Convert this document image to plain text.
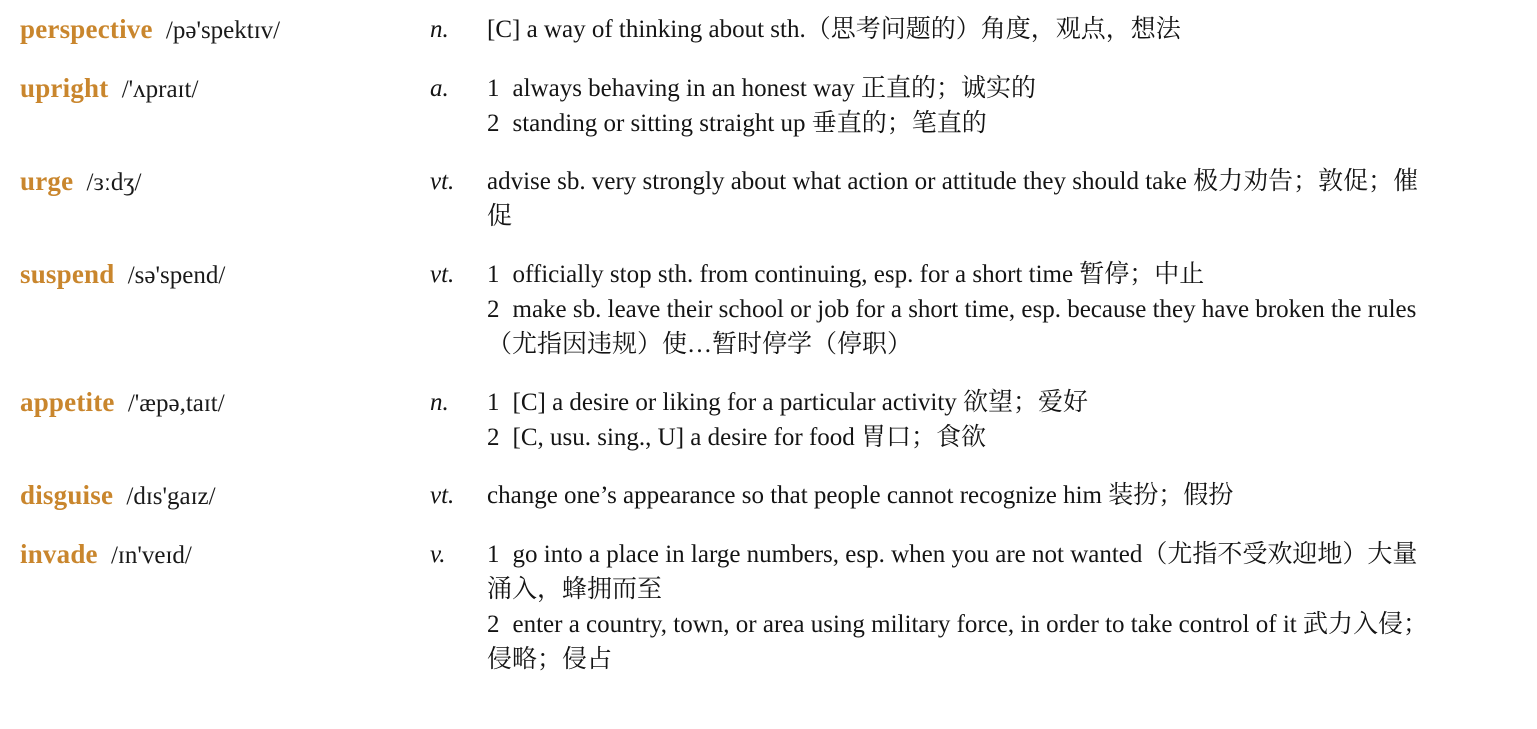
perspective /pə'spektɪv/	n.	[C] a way of thinking about sth.（思考问题的）角度，观点，想法
upright /'ʌpraɪt/	a.	1 always behaving in an honest way 正直的；诚实的
2 standing or sitting straight up 垂直的；笔直的
urge /ɜːdʒ/	vt.	advise sb. very strongly about what action or attitude they should take 极力劝告；敦促；催促
suspend /sə'spend/	vt.	1 officially stop sth. from continuing, esp. for a short time 暂停；中止
2 make sb. leave their school or job for a short time, esp. because they have broken the rules（尤指因违规）使…暂时停学（停职）
appetite /'æpə,taɪt/	n.	1 [C] a desire or liking for a particular activity 欲望；爱好
2 [C, usu. sing., U] a desire for food 胃口；食欲
disguise /dɪs'gaɪz/	vt.	change one’s appearance so that people cannot recognize him 装扮；假扮
invade /ɪn'veɪd/	v.	1 go into a place in large numbers, esp. when you are not wanted（尤指不受欢迎地）大量涌入，蜂拥而至
2 enter a country, town, or area using military force, in order to take control of it 武力入侵；侵略；侵占
